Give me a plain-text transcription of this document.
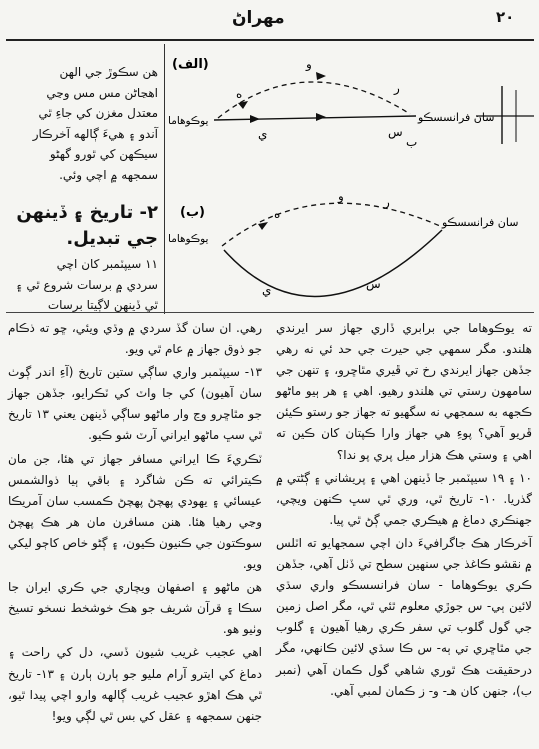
۲۰
مهراڻ
(الف)
يوڪوهاما	سان فرانسسڪو
و
ر
ه
ي	س
ب
(ب)
يوڪوهاما
سان فرانسسڪو
ر
و
ه
ي	س
هن سڪوڙ جي الهن
اهڃاڻن مس مس وڃي
معتدل مغزن کي جاءِ ٿي
آندو ۽ هيءَ ڳالهه آخرڪار
سيڪهن کي ٿورو گهڻو
سمجهه ۾ اچي وئي.
۲- تاريخ ۽ ڏينهن جي تبديل.
١١ سيپٽمبر کان اچي
سردي ۾ برسات شروع ٿي ۽
ٿي ڏينهن لاڳيتا برسات

رهي. ان سان گڏ سردي ۾ وڌي ويئي، ڇو ته ذڪام جو ذوق جهاز ۾ عام ٿي ويو.

١٣- سيپٽمبر واري ساڳي ستين تاريخ (آءِ اندر ڳوٺ سان آهيون) کي جا واٽ کي ٽڪرايو، جڏهن جهاز جو مٿاڇرو وڃ وار ماڻهو ساڳي ڏينهن يعني ١٣ تاريخ ٿي سڀ ماڻهو ايراني آرٽ شو ڪيو.

ٽڪريءَ ڪا ايراني مسافر جهاز تي هئا، جن مان ڪيترائي ته ڪن شاگرد ۽ باقي ٻيا ذوالشمس عيسائي ۽ يهودي پهچڻ پهچڻ ڪمسب سان آمريڪا وڃي رهيا هئا. هنن مسافرن مان هر هڪ پهچڻ سوڪتون جي ڪنيون ڪيون، ۽ ڳڻو خاص کاڄو ليکي ويو.

هن ماڻهو ۽ اصفهان ويچاري جي ڪري ايران جا سڪا ۽ قرآن شريف جو هڪ خوشخط نسخو تسيخ وٺيو هو.

اهي عجيب غريب شيون ڏسي، دل کي راحت ۽ دماغ کي ايترو آرام مليو جو ٻارن ٻارن ۽ ١٣- تاريخ ٿي هڪ اهڙو عجيب غريب ڳالهه وارو اچي پيدا ٿيو، جنهن سمجهه ۽ عقل کي بس ٿي لڳي ويو!

ته يوڪوهاما جي برابري ڏاري جهاز سر ايرندي هلندو. مگر سمهي جي حيرت جي حد ئي نه رهي جڏهن جهاز ايرندي رخ تي ڦيري مٿاڇرو، ۽ تنهن جي سامهون رستي تي هلندو رهيو. اهي ۽ هر ٻيو ماڻهو ڪجهه به سمجهي نه سگهيو ته جهاز جو رستو ڪيئن ڦريو آهي؟ پوءِ هي جهاز وارا ڪپتان کان ڪين ته اهي ۽ وستي هڪ هزار ميل پري پو ندا؟

١٠ ۽ ١٩ سيپٽمبر جا ڏينهن اهي ۽ پريشاني ۽ ڳڻتي ۾ گذريا. ١٠- تاريخ ٿي، وري ٿي سڀ ڪنهن ويچي، جهنڪري دماغ ۾ هيڪري جمي ڳڻ ٿي پيا.

آخرڪار هڪ جاگرافيءَ دان اچي سمجهايو ته اٽلس ۾ نقشو ڪاغذ جي سنهين سطح تي ڏٺل آهي، جڏهن ڪري يوڪوهاما - سان فرانسسڪو واري سڌي لائين ٻي- س جوڙي معلوم ٿئي ٿي، مگر اصل زمين جي گول گلوب تي سفر ڪري رهيا آهيون ۽ گلوب جي مٿاڇري تي ٻه- س ڪا سڌي لائين ڪانهي، مگر درحقيقت هڪ ٿوري شاهي گول ڪمان آهي (نمبر ب)، جنهن کان هـ- و- ز ڪمان لمبي آهي.
